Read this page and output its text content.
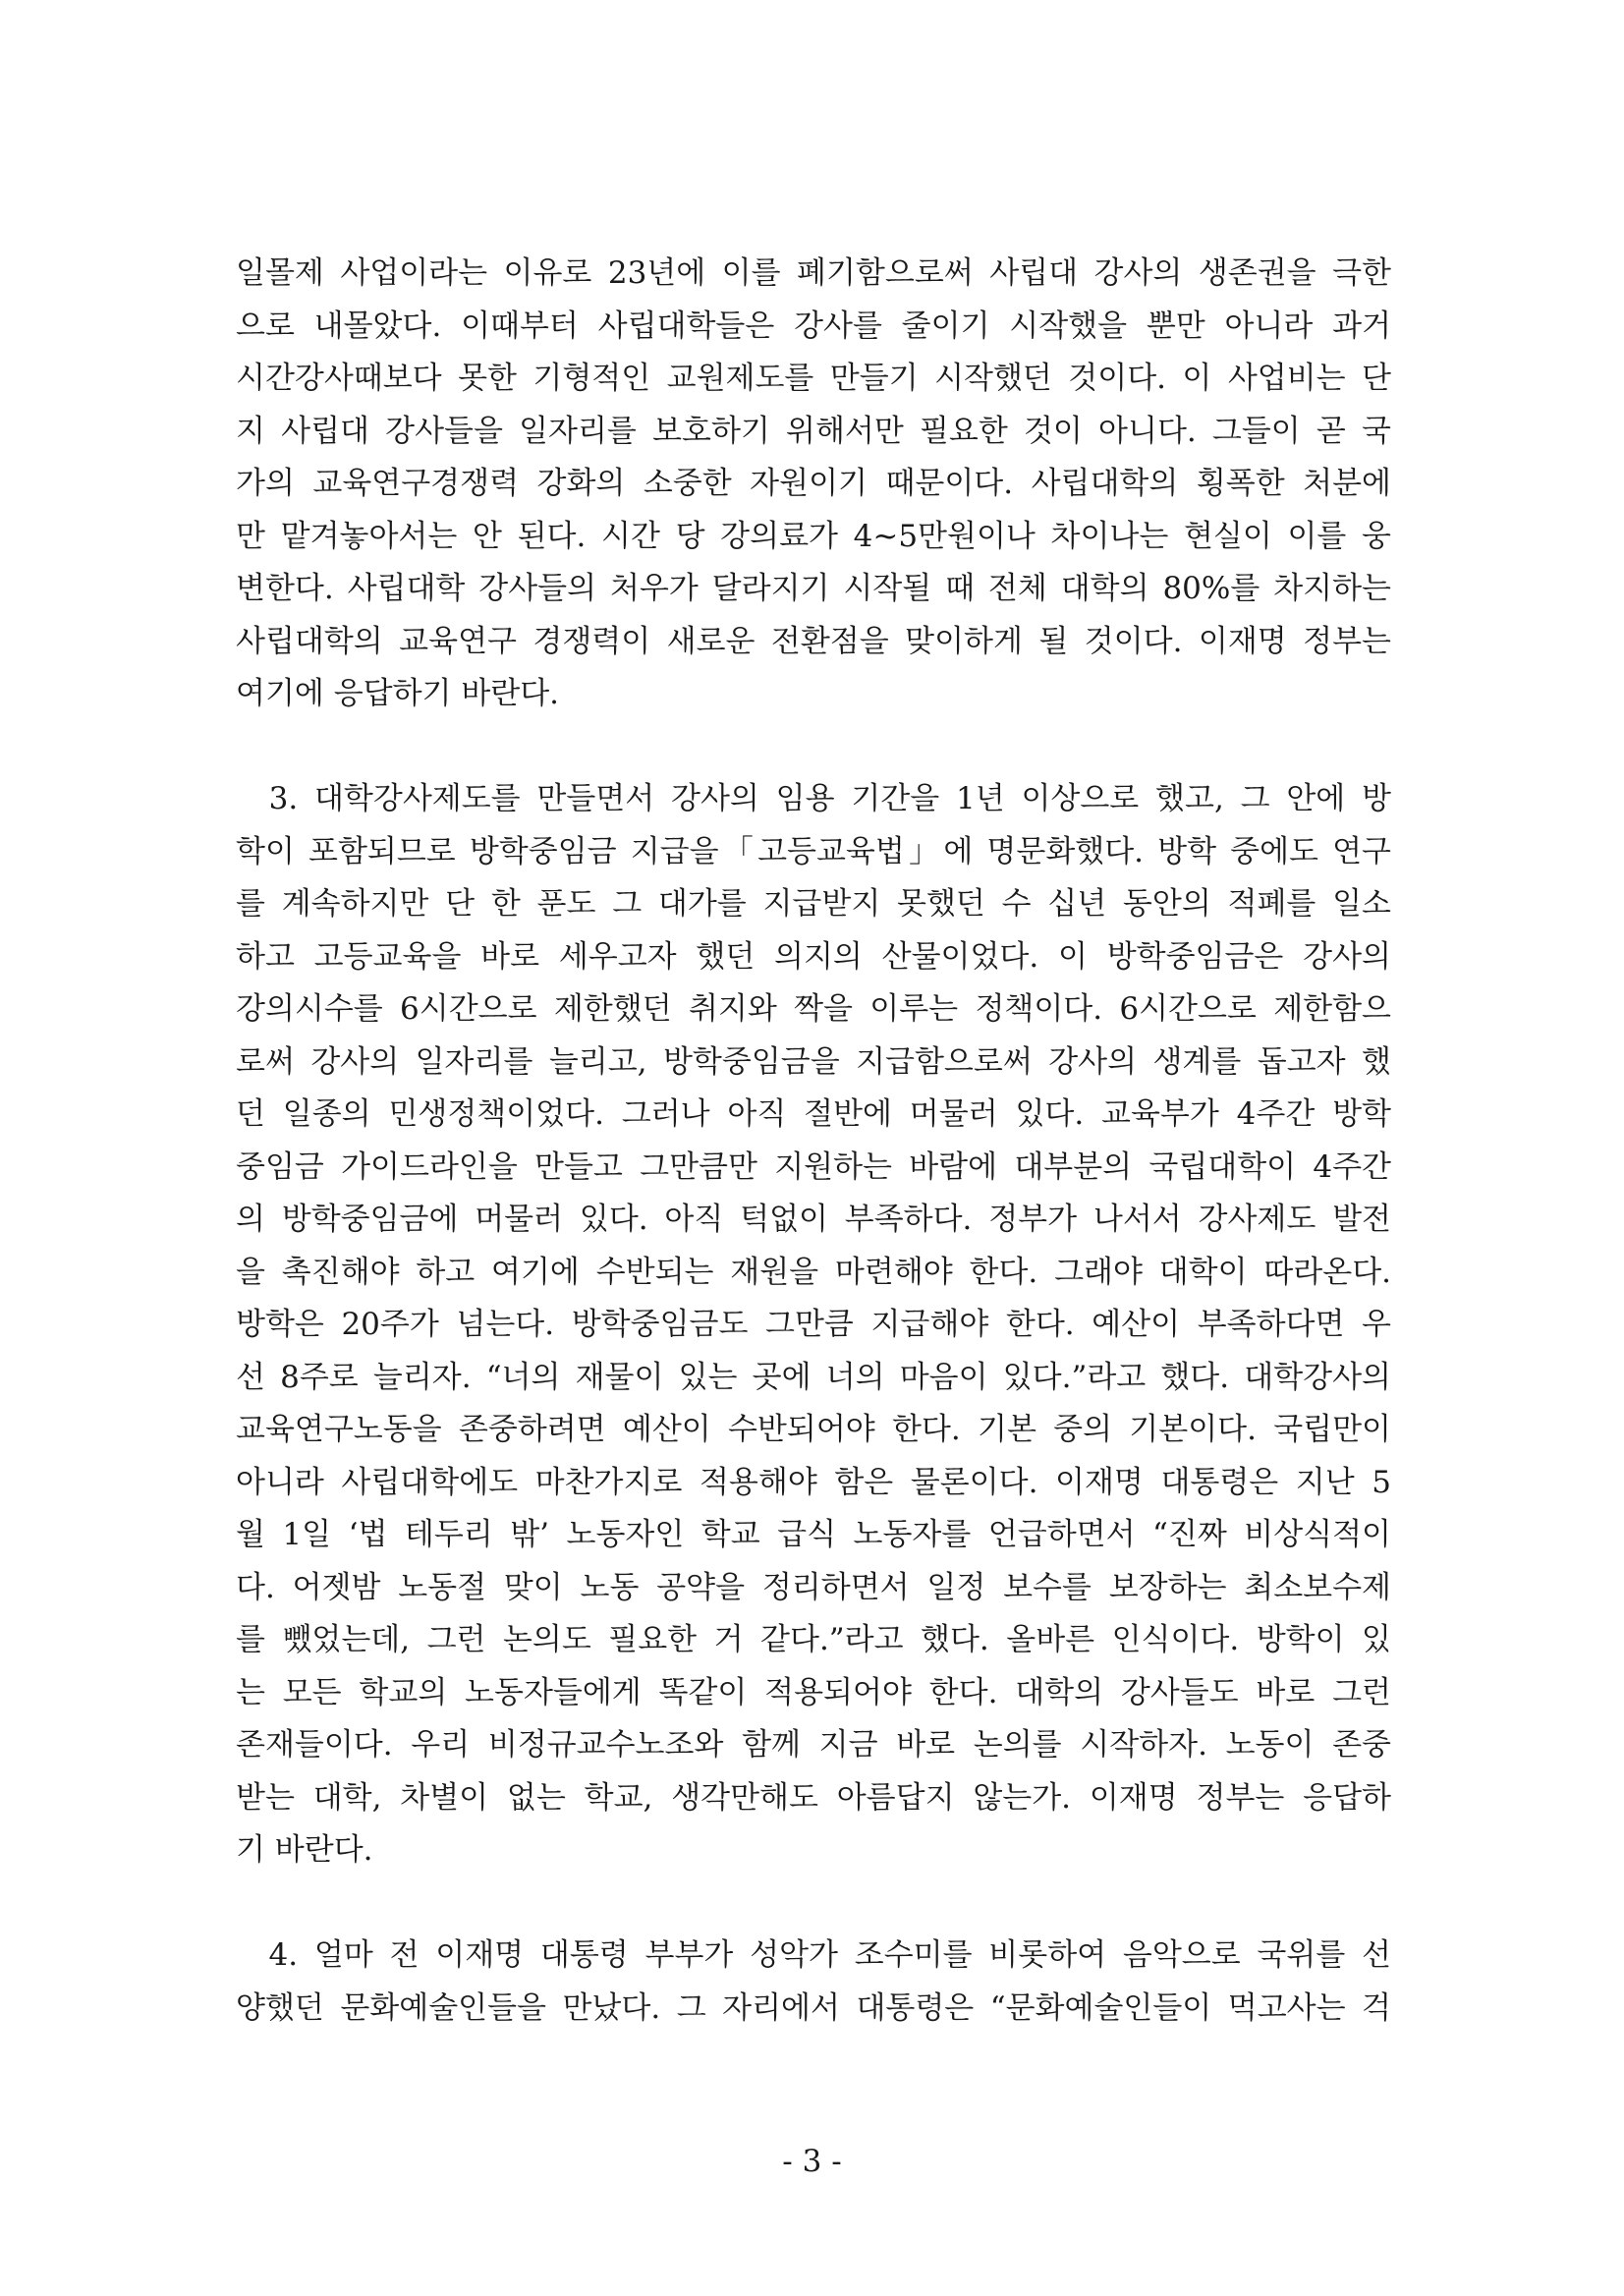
일몰제 사업이라는 이유로 23년에 이를 폐기함으로써 사립대 강사의 생존권을 극한
으로 내몰았다. 이때부터 사립대학들은 강사를 줄이기 시작했을 뿐만 아니라 과거
시간강사때보다 못한 기형적인 교원제도를 만들기 시작했던 것이다. 이 사업비는 단
지 사립대 강사들을 일자리를 보호하기 위해서만 필요한 것이 아니다. 그들이 곧 국
가의 교육연구경쟁력 강화의 소중한 자원이기 때문이다. 사립대학의 횡폭한 처분에
만 맡겨놓아서는 안 된다. 시간 당 강의료가 4~5만원이나 차이나는 현실이 이를 웅
변한다. 사립대학 강사들의 처우가 달라지기 시작될 때 전체 대학의 80%를 차지하는
사립대학의 교육연구 경쟁력이 새로운 전환점을 맞이하게 될 것이다. 이재명 정부는
여기에 응답하기 바란다.
3. 대학강사제도를 만들면서 강사의 임용 기간을 1년 이상으로 했고, 그 안에 방
학이 포함되므로 방학중임금 지급을「고등교육법」에 명문화했다. 방학 중에도 연구
를 계속하지만 단 한 푼도 그 대가를 지급받지 못했던 수 십년 동안의 적폐를 일소
하고 고등교육을 바로 세우고자 했던 의지의 산물이었다. 이 방학중임금은 강사의
강의시수를 6시간으로 제한했던 취지와 짝을 이루는 정책이다. 6시간으로 제한함으
로써 강사의 일자리를 늘리고, 방학중임금을 지급함으로써 강사의 생계를 돕고자 했
던 일종의 민생정책이었다. 그러나 아직 절반에 머물러 있다. 교육부가 4주간 방학
중임금 가이드라인을 만들고 그만큼만 지원하는 바람에 대부분의 국립대학이 4주간
의 방학중임금에 머물러 있다. 아직 턱없이 부족하다. 정부가 나서서 강사제도 발전
을 촉진해야 하고 여기에 수반되는 재원을 마련해야 한다. 그래야 대학이 따라온다.
방학은 20주가 넘는다. 방학중임금도 그만큼 지급해야 한다. 예산이 부족하다면 우
선 8주로 늘리자. “너의 재물이 있는 곳에 너의 마음이 있다.”라고 했다. 대학강사의
교육연구노동을 존중하려면 예산이 수반되어야 한다. 기본 중의 기본이다. 국립만이
아니라 사립대학에도 마찬가지로 적용해야 함은 물론이다. 이재명 대통령은 지난 5
월 1일 ‘법 테두리 밖’ 노동자인 학교 급식 노동자를 언급하면서 “진짜 비상식적이
다. 어젯밤 노동절 맞이 노동 공약을 정리하면서 일정 보수를 보장하는 최소보수제
를 뺐었는데, 그런 논의도 필요한 거 같다.”라고 했다. 올바른 인식이다. 방학이 있
는 모든 학교의 노동자들에게 똑같이 적용되어야 한다. 대학의 강사들도 바로 그런
존재들이다. 우리 비정규교수노조와 함께 지금 바로 논의를 시작하자. 노동이 존중
받는 대학, 차별이 없는 학교, 생각만해도 아름답지 않는가. 이재명 정부는 응답하
기 바란다.
4. 얼마 전 이재명 대통령 부부가 성악가 조수미를 비롯하여 음악으로 국위를 선
양했던 문화예술인들을 만났다. 그 자리에서 대통령은 “문화예술인들이 먹고사는 걱
- 3 -
